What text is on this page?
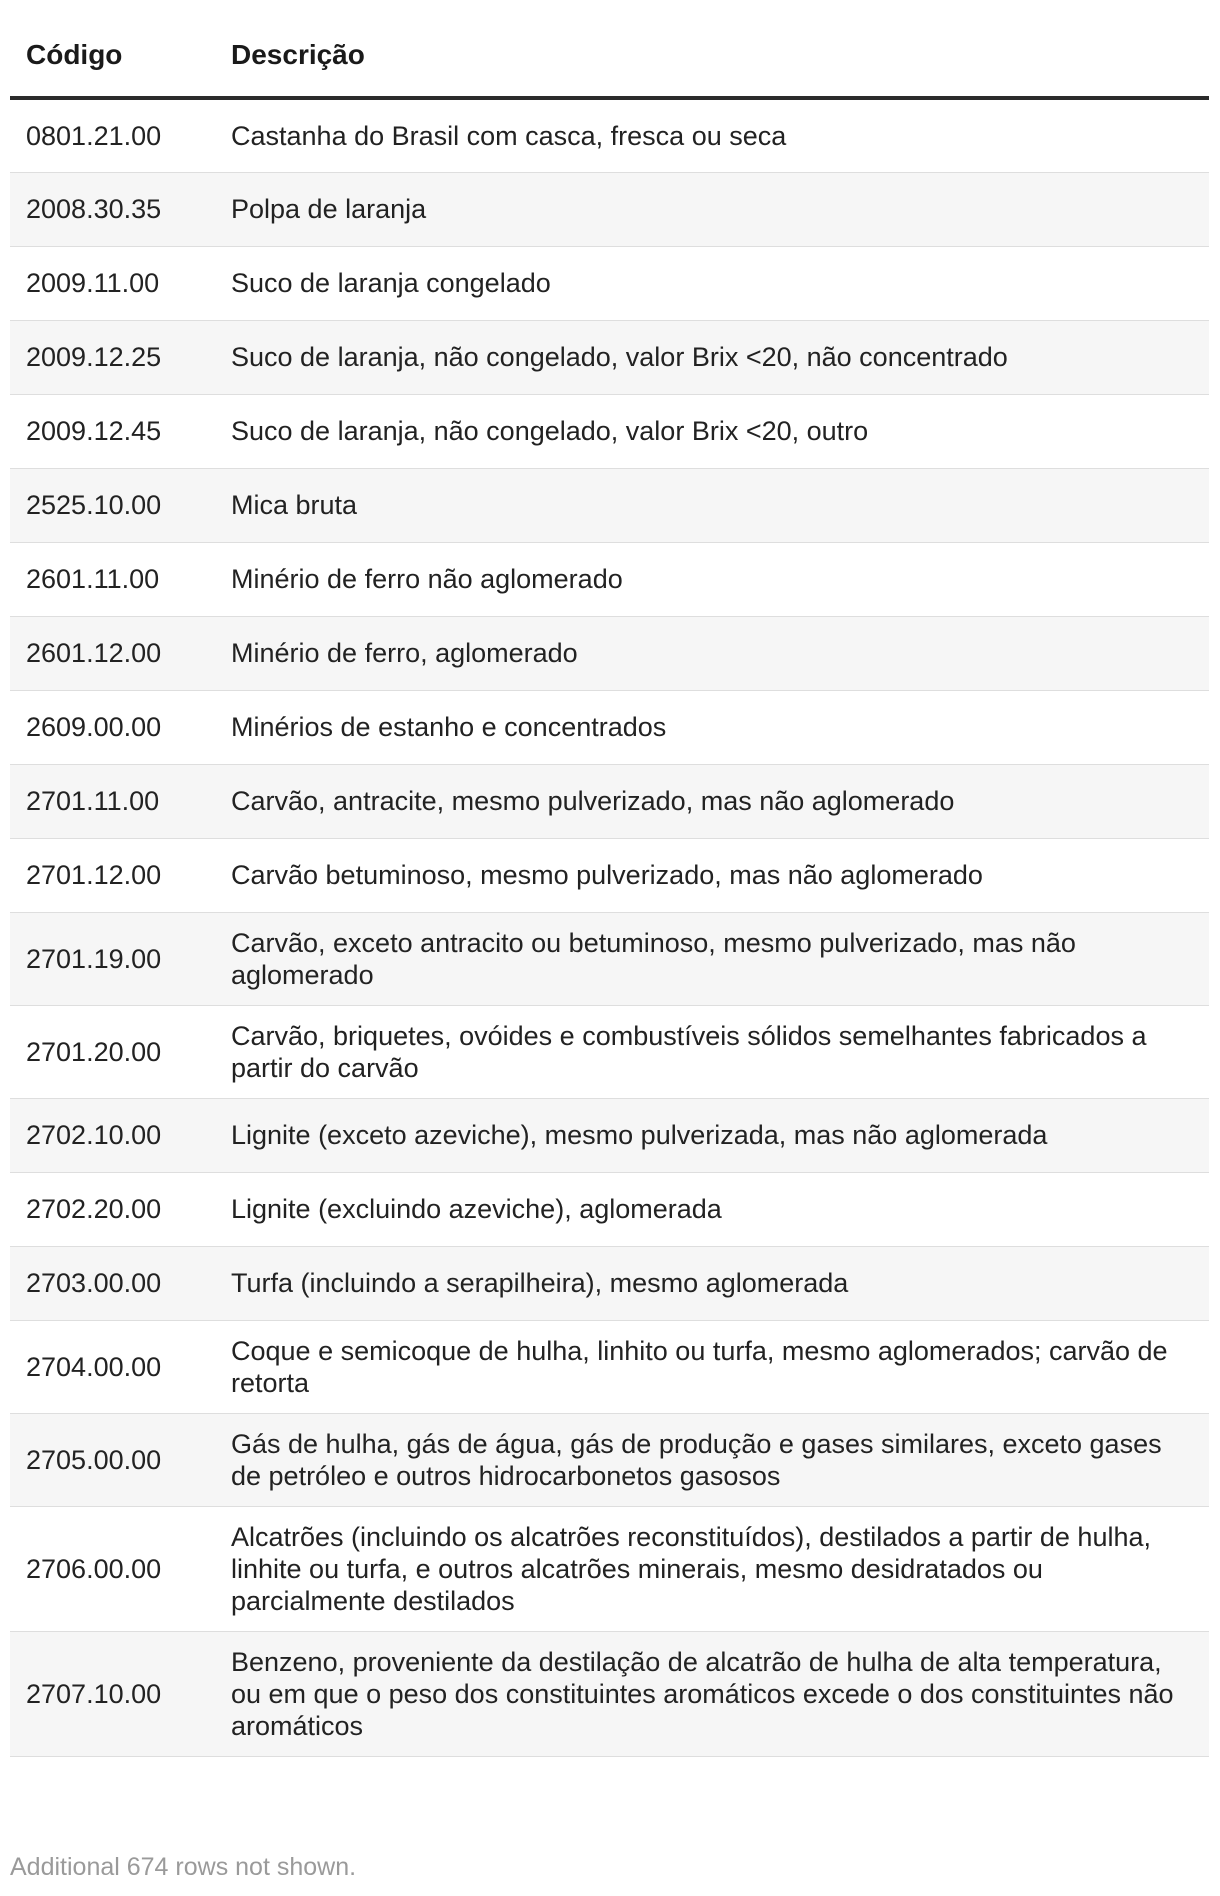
Código	Descrição
0801.21.00	Castanha do Brasil com casca, fresca ou seca
2008.30.35	Polpa de laranja
2009.11.00	Suco de laranja congelado
2009.12.25	Suco de laranja, não congelado, valor Brix <20, não concentrado
2009.12.45	Suco de laranja, não congelado, valor Brix <20, outro
2525.10.00	Mica bruta
2601.11.00	Minério de ferro não aglomerado
2601.12.00	Minério de ferro, aglomerado
2609.00.00	Minérios de estanho e concentrados
2701.11.00	Carvão, antracite, mesmo pulverizado, mas não aglomerado
2701.12.00	Carvão betuminoso, mesmo pulverizado, mas não aglomerado
2701.19.00	Carvão, exceto antracito ou betuminoso, mesmo pulverizado, mas não aglomerado
2701.20.00	Carvão, briquetes, ovóides e combustíveis sólidos semelhantes fabricados a partir do carvão
2702.10.00	Lignite (exceto azeviche), mesmo pulverizada, mas não aglomerada
2702.20.00	Lignite (excluindo azeviche), aglomerada
2703.00.00	Turfa (incluindo a serapilheira), mesmo aglomerada
2704.00.00	Coque e semicoque de hulha, linhito ou turfa, mesmo aglomerados; carvão de retorta
2705.00.00	Gás de hulha, gás de água, gás de produção e gases similares, exceto gases de petróleo e outros hidrocarbonetos gasosos
2706.00.00	Alcatrões (incluindo os alcatrões reconstituídos), destilados a partir de hulha, linhite ou turfa, e outros alcatrões minerais, mesmo desidratados ou parcialmente destilados
2707.10.00	Benzeno, proveniente da destilação de alcatrão de hulha de alta temperatura, ou em que o peso dos constituintes aromáticos excede o dos constituintes não aromáticos
Additional 674 rows not shown.
